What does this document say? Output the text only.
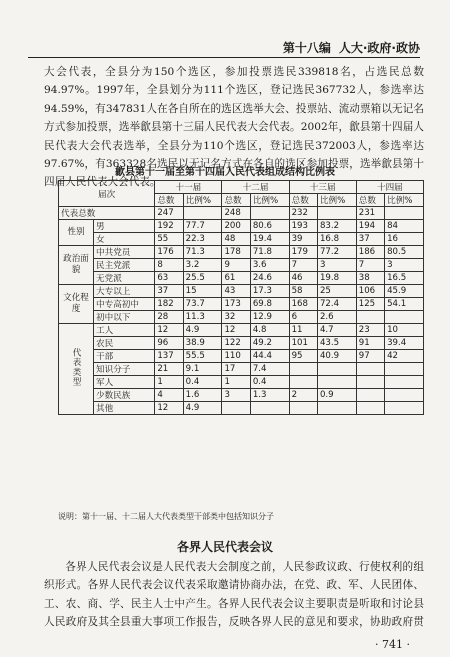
第十八编 人大·政府·政协

大会代表，全县分为150个选区，参加投票选民339818名，占选民总数94.97%。1997年，全县划分为111个选区，登记选民367732人，参选率达94.59%，有347831人在各自所在的选区选举大会、投票站、流动票箱以无记名方式参加投票，选举歙县第十三届人民代表大会代表。2002年，歙县第十四届人民代表大会代表选举，全县分为110个选区，登记选民372003人，参选率达97.67%，有363328名选民以无记名方式在各自的选区参加投票，选举歙县第十四届人民代表大会代表。

歙县第十一届至第十四届人民代表组成结构比例表
届次		十一届		十二届		十三届		十四届	
		总数	比例%	总数	比例%	总数	比例%	总数	比例%
代表总数		247		248		232		231	
性别	男	192	77.7	200	80.6	193	83.2	194	84
	女	55	22.3	48	19.4	39	16.8	37	16
政治面貌	中共党员	176	71.3	178	71.8	179	77.2	186	80.5
	民主党派	8	3.2	9	3.6	7	3	7	3
	无党派	63	25.5	61	24.6	46	19.8	38	16.5
文化程度	大专以上	37	15	43	17.3	58	25	106	45.9
	中专高初中	182	73.7	173	69.8	168	72.4	125	54.1
	初中以下	28	11.3	32	12.9	6	2.6		
代表类型	工人	12	4.9	12	4.8	11	4.7	23	10
	农民	96	38.9	122	49.2	101	43.5	91	39.4
	干部	137	55.5	110	44.4	95	40.9	97	42
	知识分子	21	9.1	17	7.4				
	军人	1	0.4	1	0.4				
	少数民族	4	1.6	3	1.3	2	0.9		
	其他	12	4.9						
说明：第十一届、十二届人大代表类型干部类中包括知识分子
各界人民代表会议

各界人民代表会议是人民代表大会制度之前，人民参政议政、行使权利的组织形式。各界人民代表会议代表采取邀请协商办法，在党、政、军、人民团体、工、农、商、学、民主人士中产生。各界人民代表会议主要职责是听取和讨论县人民政府及其全县重大事项工作报告，反映各界人民的意见和要求，协助政府贯

· 741 ·
